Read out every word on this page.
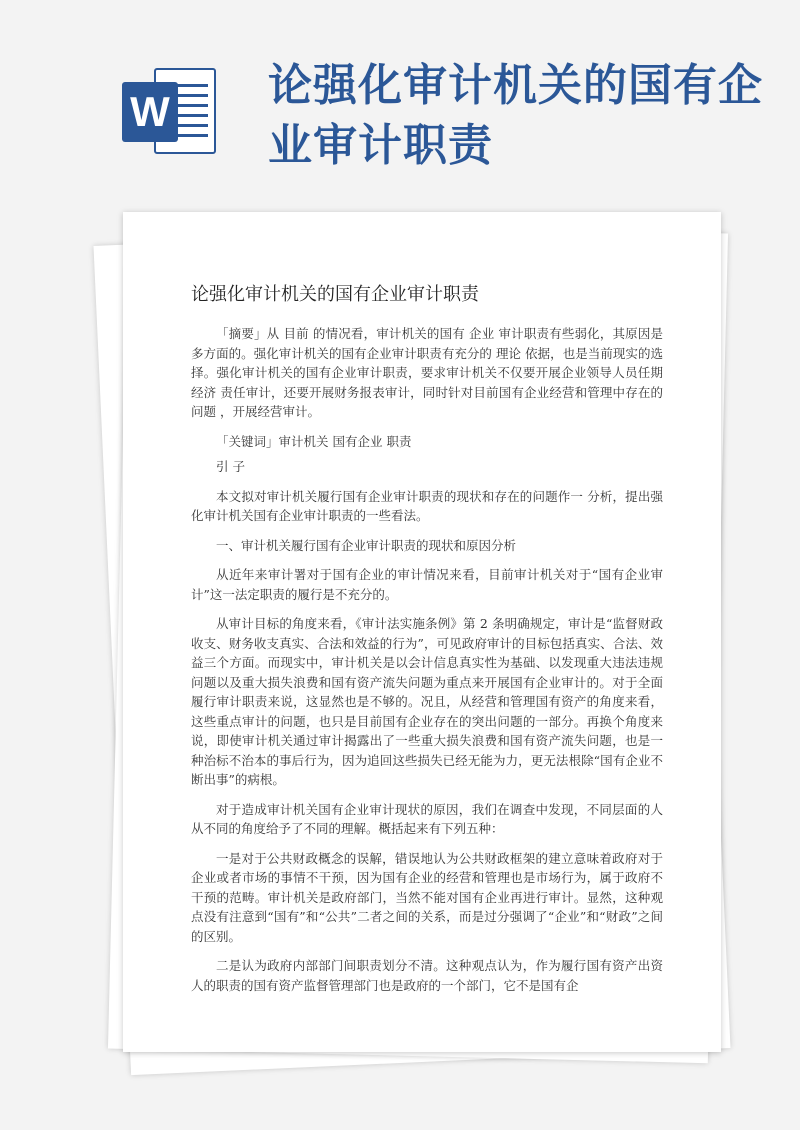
W
论强化审计机关的国有企业审计职责
论强化审计机关的国有企业审计职责

「摘要」从 目前 的情况看，审计机关的国有 企业 审计职责有些弱化，其原因是多方面的。强化审计机关的国有企业审计职责有充分的 理论 依据，也是当前现实的选择。强化审计机关的国有企业审计职责，要求审计机关不仅要开展企业领导人员任期 经济 责任审计，还要开展财务报表审计，同时针对目前国有企业经营和管理中存在的 问题 ，开展经营审计。

「关键词」审计机关 国有企业 职责

引 子

本文拟对审计机关履行国有企业审计职责的现状和存在的问题作一 分析，提出强化审计机关国有企业审计职责的一些看法。

一、审计机关履行国有企业审计职责的现状和原因分析

从近年来审计署对于国有企业的审计情况来看，目前审计机关对于“国有企业审计”这一法定职责的履行是不充分的。

从审计目标的角度来看，《审计法实施条例》第 2 条明确规定，审计是“监督财政收支、财务收支真实、合法和效益的行为”，可见政府审计的目标包括真实、合法、效益三个方面。而现实中，审计机关是以会计信息真实性为基础、以发现重大违法违规问题以及重大损失浪费和国有资产流失问题为重点来开展国有企业审计的。对于全面履行审计职责来说，这显然也是不够的。况且，从经营和管理国有资产的角度来看，这些重点审计的问题，也只是目前国有企业存在的突出问题的一部分。再换个角度来说，即使审计机关通过审计揭露出了一些重大损失浪费和国有资产流失问题，也是一种治标不治本的事后行为，因为追回这些损失已经无能为力，更无法根除“国有企业不断出事”的病根。

对于造成审计机关国有企业审计现状的原因，我们在调查中发现，不同层面的人从不同的角度给予了不同的理解。概括起来有下列五种：

一是对于公共财政概念的误解，错误地认为公共财政框架的建立意味着政府对于企业或者市场的事情不干预，因为国有企业的经营和管理也是市场行为，属于政府不干预的范畴。审计机关是政府部门，当然不能对国有企业再进行审计。显然，这种观点没有注意到“国有”和“公共”二者之间的关系，而是过分强调了“企业”和“财政”之间的区别。

二是认为政府内部部门间职责划分不清。这种观点认为，作为履行国有资产出资人的职责的国有资产监督管理部门也是政府的一个部门，它不是国有企
